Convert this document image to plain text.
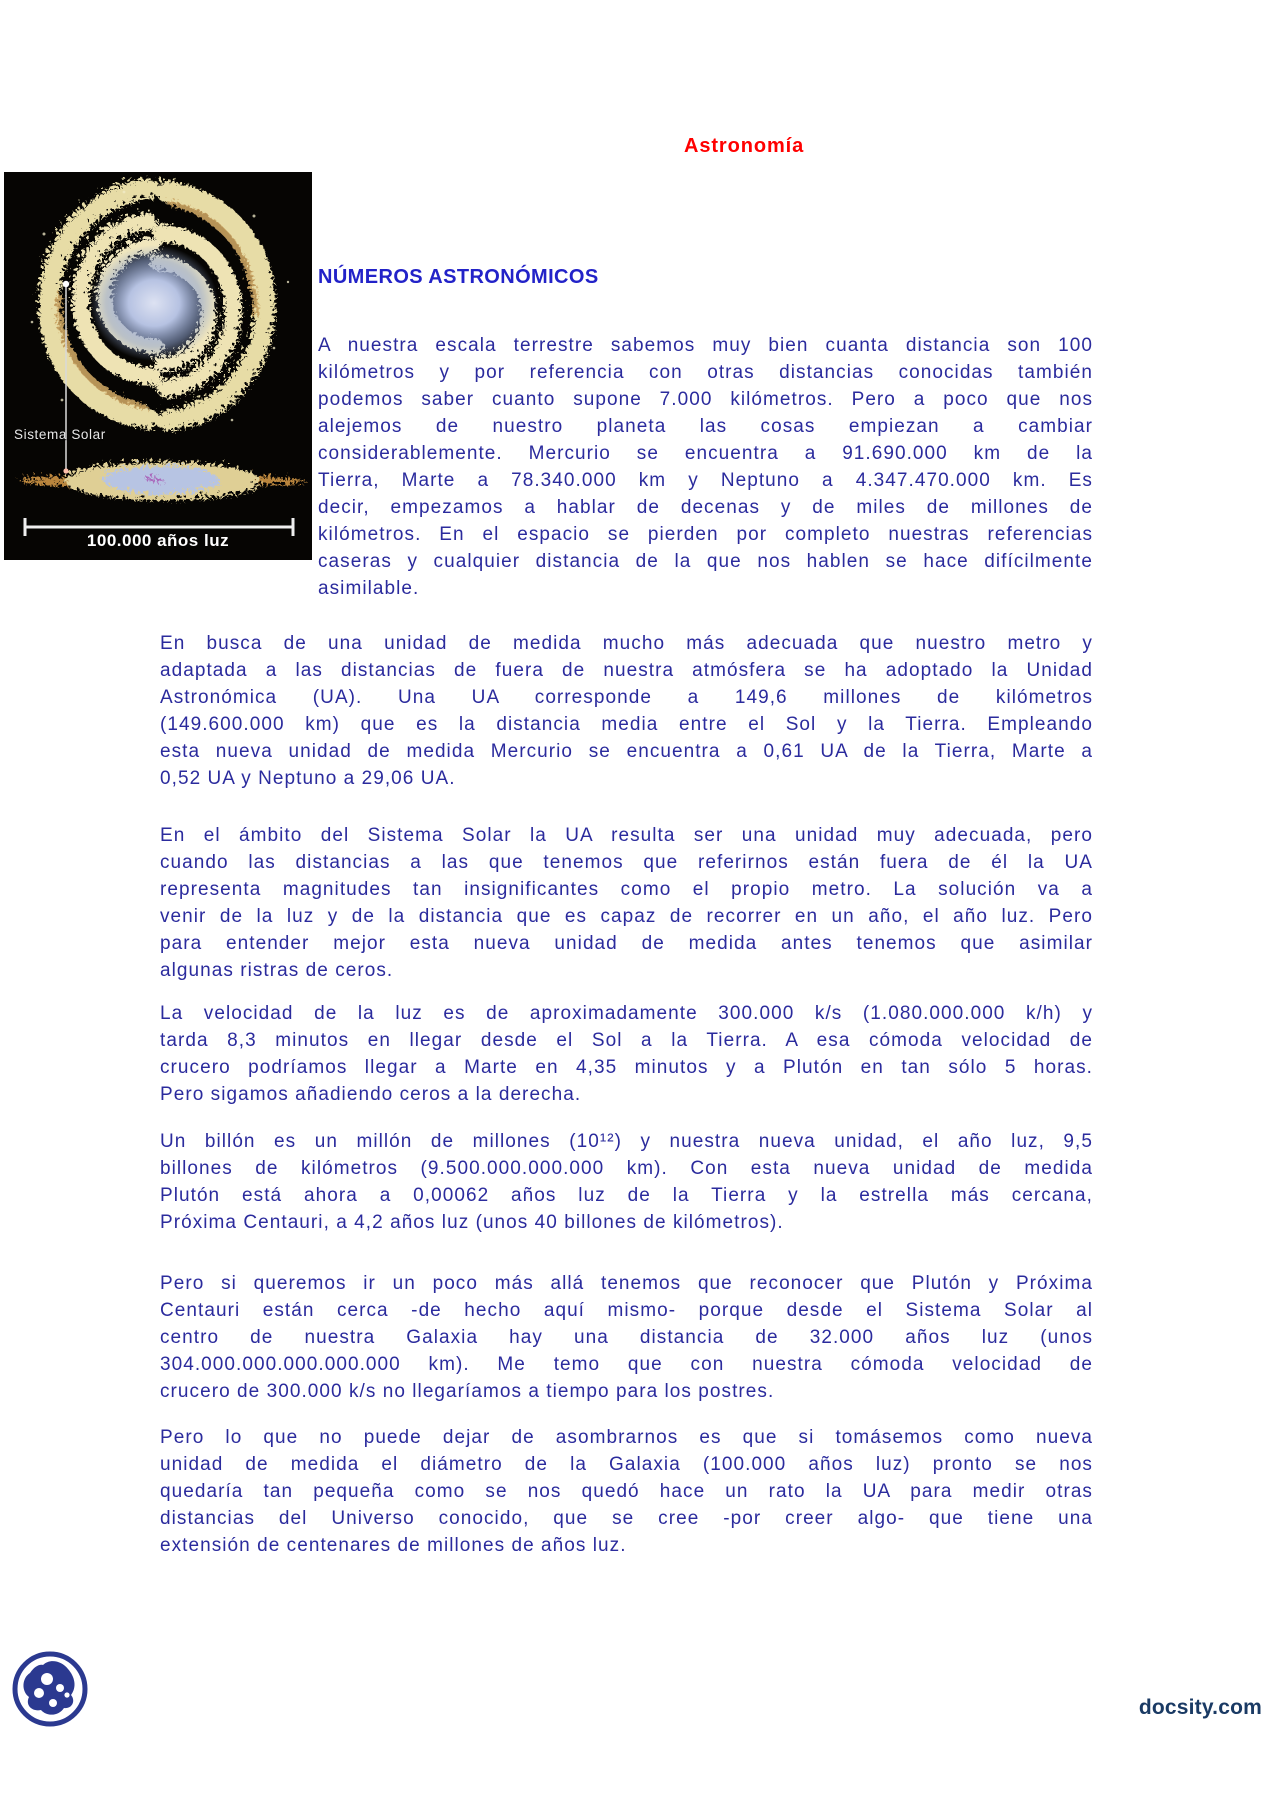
Astronomía
Sistema Solar
100.000 años luz
NÚMEROS ASTRONÓMICOS
A nuestra escala terrestre sabemos muy bien cuanta distancia son 100
kilómetros y por referencia con otras distancias conocidas también
podemos saber cuanto supone 7.000 kilómetros. Pero a poco que nos
alejemos de nuestro planeta las cosas empiezan a cambiar
considerablemente. Mercurio se encuentra a 91.690.000 km de la
Tierra, Marte a 78.340.000 km y Neptuno a 4.347.470.000 km. Es
decir, empezamos a hablar de decenas y de miles de millones de
kilómetros. En el espacio se pierden por completo nuestras referencias
caseras y cualquier distancia de la que nos hablen se hace difícilmente
asimilable.
En busca de una unidad de medida mucho más adecuada que nuestro metro y
adaptada a las distancias de fuera de nuestra atmósfera se ha adoptado la Unidad
Astronómica (UA). Una UA corresponde a 149,6 millones de kilómetros
(149.600.000 km) que es la distancia media entre el Sol y la Tierra. Empleando
esta nueva unidad de medida Mercurio se encuentra a 0,61 UA de la Tierra, Marte a
0,52 UA y Neptuno a 29,06 UA.
En el ámbito del Sistema Solar la UA resulta ser una unidad muy adecuada, pero
cuando las distancias a las que tenemos que referirnos están fuera de él la UA
representa magnitudes tan insignificantes como el propio metro. La solución va a
venir de la luz y de la distancia que es capaz de recorrer en un año, el año luz. Pero
para entender mejor esta nueva unidad de medida antes tenemos que asimilar
algunas ristras de ceros.
La velocidad de la luz es de aproximadamente 300.000 k/s (1.080.000.000 k/h) y
tarda 8,3 minutos en llegar desde el Sol a la Tierra. A esa cómoda velocidad de
crucero podríamos llegar a Marte en 4,35 minutos y a Plutón en tan sólo 5 horas.
Pero sigamos añadiendo ceros a la derecha.
Un billón es un millón de millones (10¹²) y nuestra nueva unidad, el año luz, 9,5
billones de kilómetros (9.500.000.000.000 km). Con esta nueva unidad de medida
Plutón está ahora a 0,00062 años luz de la Tierra y la estrella más cercana,
Próxima Centauri, a 4,2 años luz (unos 40 billones de kilómetros).
Pero si queremos ir un poco más allá tenemos que reconocer que Plutón y Próxima
Centauri están cerca -de hecho aquí mismo- porque desde el Sistema Solar al
centro de nuestra Galaxia hay una distancia de 32.000 años luz (unos
304.000.000.000.000.000 km). Me temo que con nuestra cómoda velocidad de
crucero de 300.000 k/s no llegaríamos a tiempo para los postres.
Pero lo que no puede dejar de asombrarnos es que si tomásemos como nueva
unidad de medida el diámetro de la Galaxia (100.000 años luz) pronto se nos
quedaría tan pequeña como se nos quedó hace un rato la UA para medir otras
distancias del Universo conocido, que se cree -por creer algo- que tiene una
extensión de centenares de millones de años luz.
docsity.com
